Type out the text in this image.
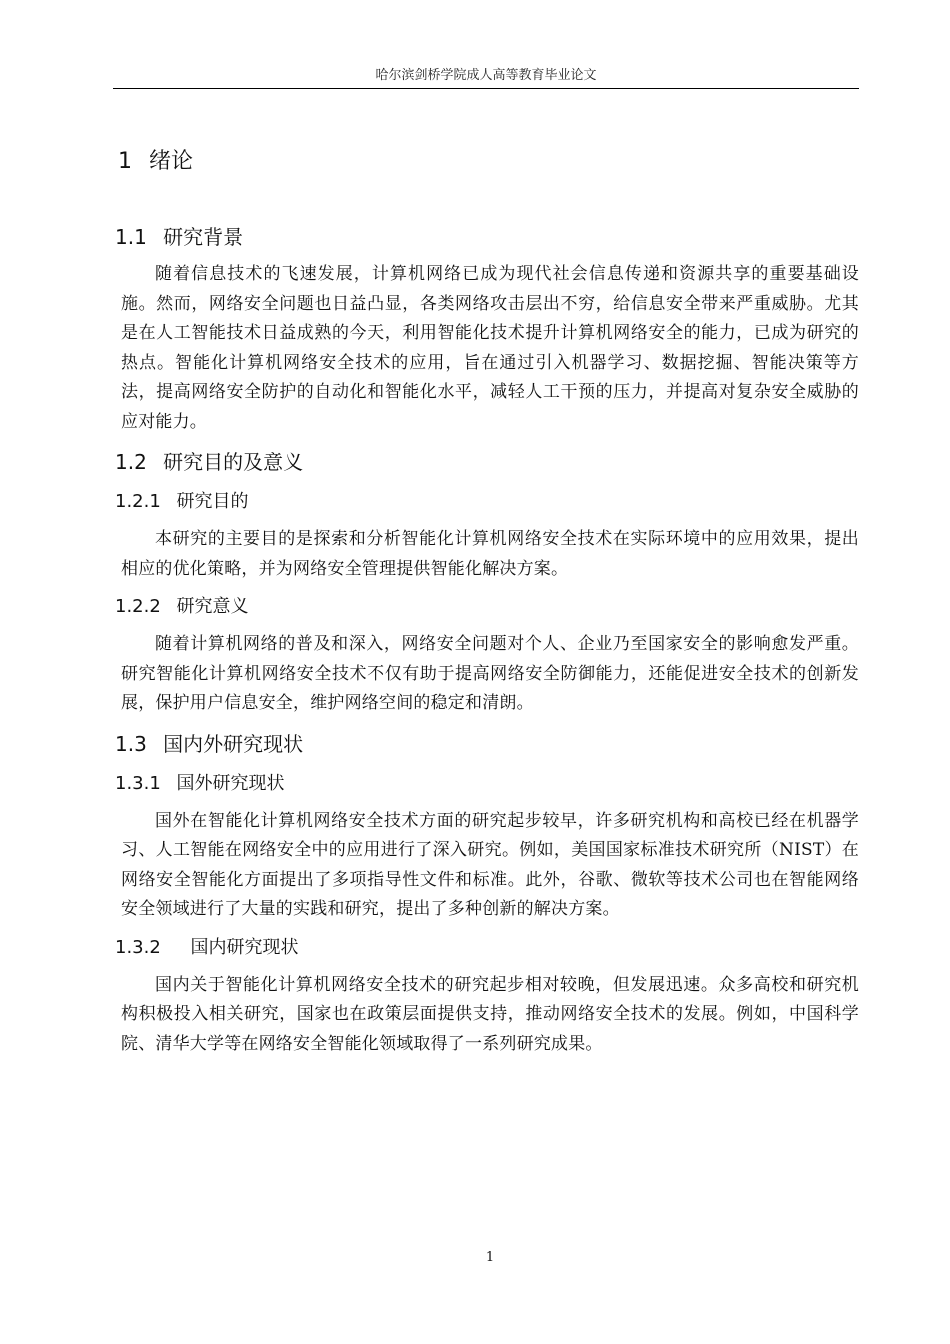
哈尔滨剑桥学院成人高等教育毕业论文
1 绪论
1.1 研究背景

随着信息技术的飞速发展，计算机网络已成为现代社会信息传递和资源共享的重要基础设施。然而，网络安全问题也日益凸显，各类网络攻击层出不穷，给信息安全带来严重威胁。尤其是在人工智能技术日益成熟的今天，利用智能化技术提升计算机网络安全的能力，已成为研究的热点。智能化计算机网络安全技术的应用，旨在通过引入机器学习、数据挖掘、智能决策等方法，提高网络安全防护的自动化和智能化水平，减轻人工干预的压力，并提高对复杂安全威胁的应对能力。

1.2 研究目的及意义
1.2.1 研究目的

本研究的主要目的是探索和分析智能化计算机网络安全技术在实际环境中的应用效果，提出相应的优化策略，并为网络安全管理提供智能化解决方案。

1.2.2 研究意义

随着计算机网络的普及和深入，网络安全问题对个人、企业乃至国家安全的影响愈发严重。研究智能化计算机网络安全技术不仅有助于提高网络安全防御能力，还能促进安全技术的创新发展，保护用户信息安全，维护网络空间的稳定和清朗。

1.3 国内外研究现状
1.3.1 国外研究现状

国外在智能化计算机网络安全技术方面的研究起步较早，许多研究机构和高校已经在机器学习、人工智能在网络安全中的应用进行了深入研究。例如，美国国家标准技术研究所（NIST）在网络安全智能化方面提出了多项指导性文件和标准。此外，谷歌、微软等技术公司也在智能网络安全领域进行了大量的实践和研究，提出了多种创新的解决方案。

1.3.2 国内研究现状

国内关于智能化计算机网络安全技术的研究起步相对较晚，但发展迅速。众多高校和研究机构积极投入相关研究，国家也在政策层面提供支持，推动网络安全技术的发展。例如，中国科学院、清华大学等在网络安全智能化领域取得了一系列研究成果。

1
